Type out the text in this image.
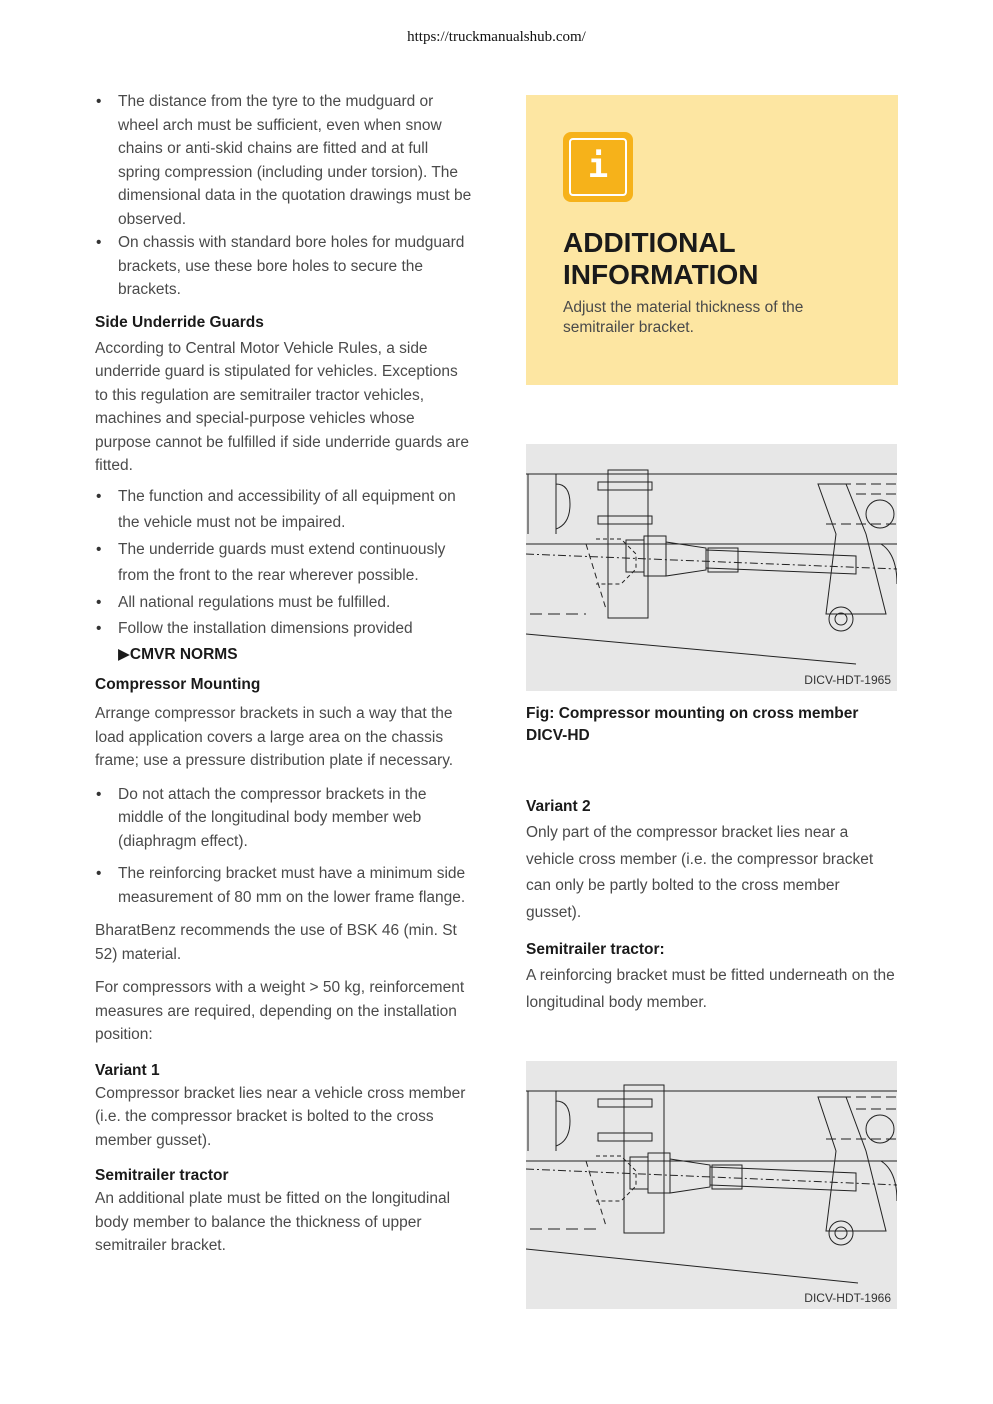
https://truckmanualshub.com/
• The distance from the tyre to the mudguard or wheel arch must be sufficient, even when snow chains or anti-skid chains are fitted and at full spring compression (including under torsion). The dimensional data in the quotation drawings must be observed.
• On chassis with standard bore holes for mudguard brackets, use these bore holes to secure the brackets.
Side Underride Guards

According to Central Motor Vehicle Rules, a side underride guard is stipulated for vehicles. Exceptions to this regulation are semitrailer tractor vehicles, machines and special-purpose vehicles whose purpose cannot be fulfilled if side underride guards are fitted.

• The function and accessibility of all equipment on the vehicle must not be impaired.
• The underride guards must extend continuously from the front to the rear wherever possible.
• All national regulations must be fulfilled.
• Follow the installation dimensions provided
▶CMVR NORMS
Compressor Mounting

Arrange compressor brackets in such a way that the load application covers a large area on the chassis frame; use a pressure distribution plate if necessary.

• Do not attach the compressor brackets in the middle of the longitudinal body member web (diaphragm effect).
• The reinforcing bracket must have a minimum side measurement of 80 mm on the lower frame flange.

BharatBenz recommends the use of BSK 46 (min. St 52) material.

For compressors with a weight > 50 kg, reinforcement measures are required, depending on the installation position:

Variant 1

Compressor bracket lies near a vehicle cross member (i.e. the compressor bracket is bolted to the cross member gusset).

Semitrailer tractor

An additional plate must be fitted on the longitudinal body member to balance the thickness of upper semitrailer bracket.

i
ADDITIONAL INFORMATION
Adjust the material thickness of the semitrailer bracket.
DICV-HDT-1965
Fig: Compressor mounting on cross member DICV-HD
Variant 2

Only part of the compressor bracket lies near a vehicle cross member (i.e. the compressor bracket can only be partly bolted to the cross member gusset).

Semitrailer tractor:

A reinforcing bracket must be fitted underneath on the longitudinal body member.

DICV-HDT-1966
